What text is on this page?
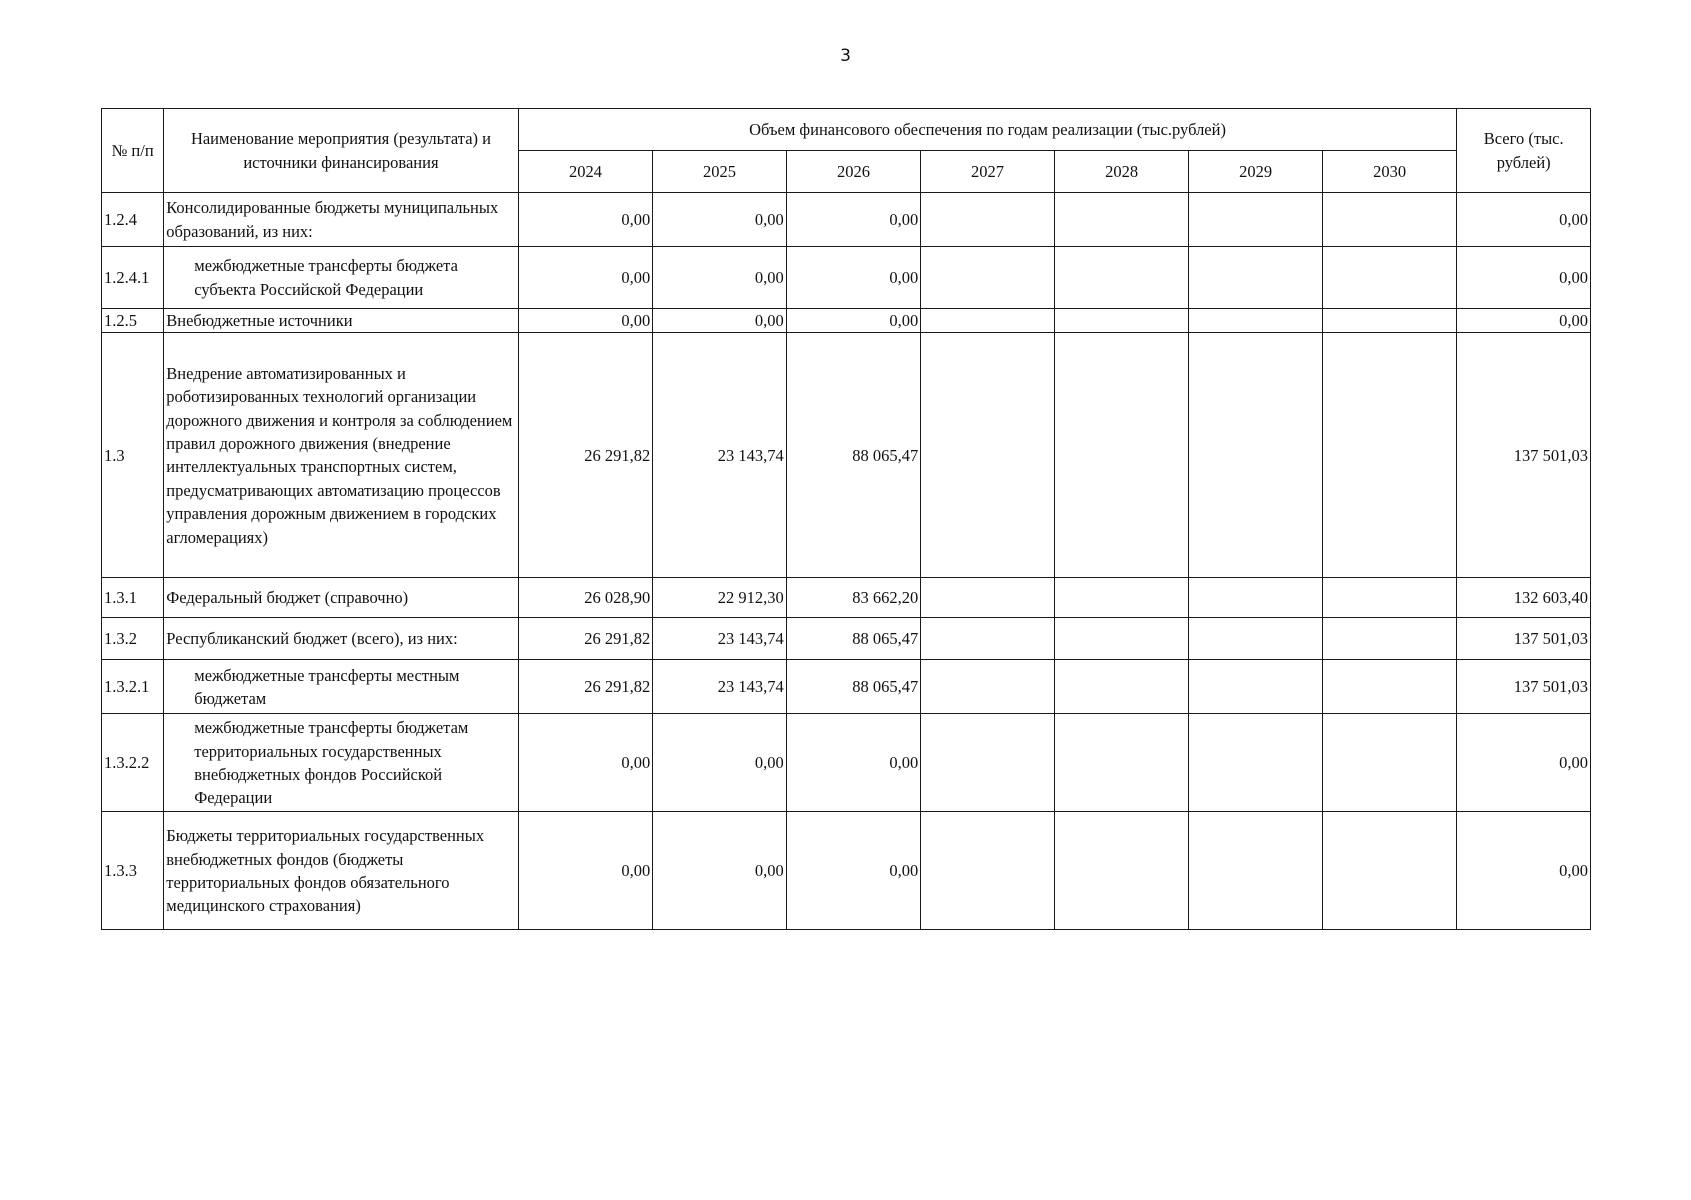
3
№ п/п	Наименование мероприятия (результата) и источники финансирования	Объем финансового обеспечения по годам реализации (тыс.рублей)							Всего (тыс. рублей)
		2024	2025	2026	2027	2028	2029	2030	
1.2.4	Консолидированные бюджеты муниципальных образований, из них:	0,00	0,00	0,00					0,00
1.2.4.1	межбюджетные трансферты бюджета субъекта Российской Федерации	0,00	0,00	0,00					0,00
1.2.5	Внебюджетные источники	0,00	0,00	0,00					0,00
1.3	Внедрение автоматизированных и роботизированных технологий организации дорожного движения и контроля за соблюдением правил дорожного движения (внедрение интеллектуальных транспортных систем, предусматривающих автоматизацию процессов управления дорожным движением в городских агломерациях)	26 291,82	23 143,74	88 065,47					137 501,03
1.3.1	Федеральный бюджет (справочно)	26 028,90	22 912,30	83 662,20					132 603,40
1.3.2	Республиканский бюджет (всего), из них:	26 291,82	23 143,74	88 065,47					137 501,03
1.3.2.1	межбюджетные трансферты местным бюджетам	26 291,82	23 143,74	88 065,47					137 501,03
1.3.2.2	межбюджетные трансферты бюджетам территориальных государственных внебюджетных фондов Российской Федерации	0,00	0,00	0,00					0,00
1.3.3	Бюджеты территориальных государственных внебюджетных фондов (бюджеты территориальных фондов обязательного медицинского страхования)	0,00	0,00	0,00					0,00
